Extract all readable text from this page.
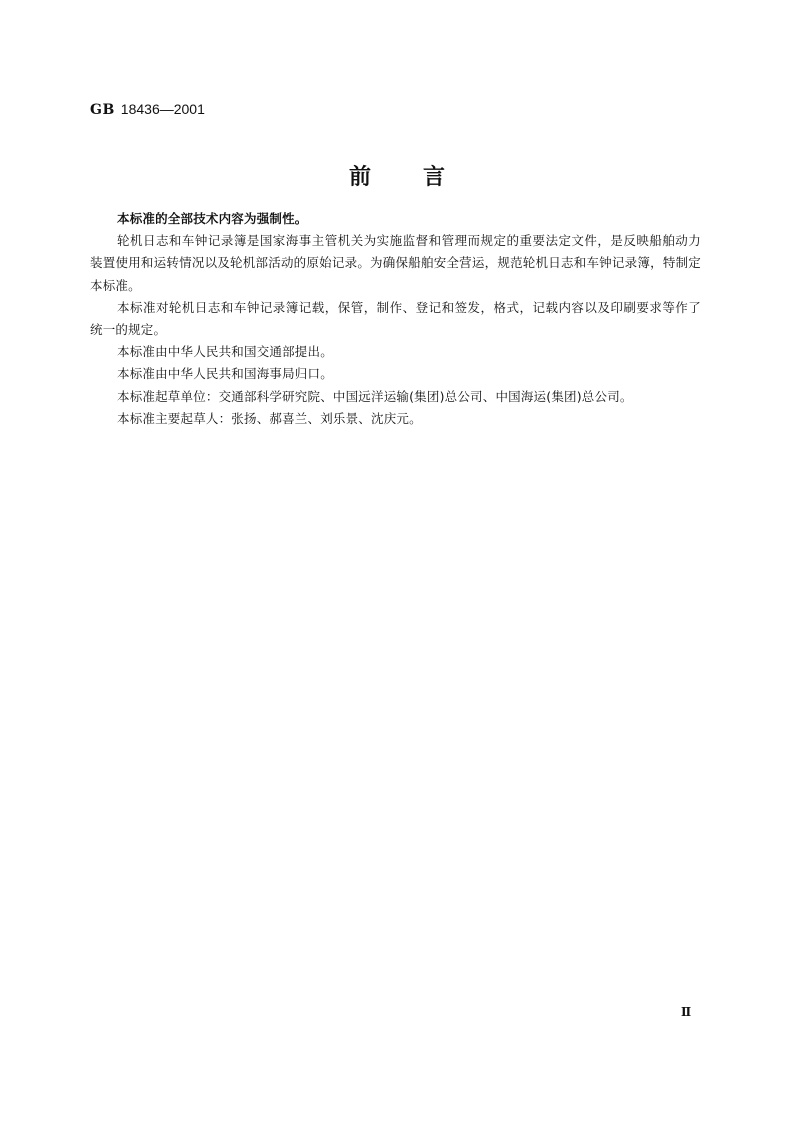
GB 18436—2001
前 言

本标准的全部技术内容为强制性。

轮机日志和车钟记录簿是国家海事主管机关为实施监督和管理而规定的重要法定文件，是反映船舶动力装置使用和运转情况以及轮机部活动的原始记录。为确保船舶安全营运，规范轮机日志和车钟记录簿，特制定本标准。

本标准对轮机日志和车钟记录簿记载，保管，制作、登记和签发，格式，记载内容以及印刷要求等作了统一的规定。

本标准由中华人民共和国交通部提出。

本标准由中华人民共和国海事局归口。

本标准起草单位：交通部科学研究院、中国远洋运输(集团)总公司、中国海运(集团)总公司。

本标准主要起草人：张扬、郝喜兰、刘乐景、沈庆元。

Ⅱ
